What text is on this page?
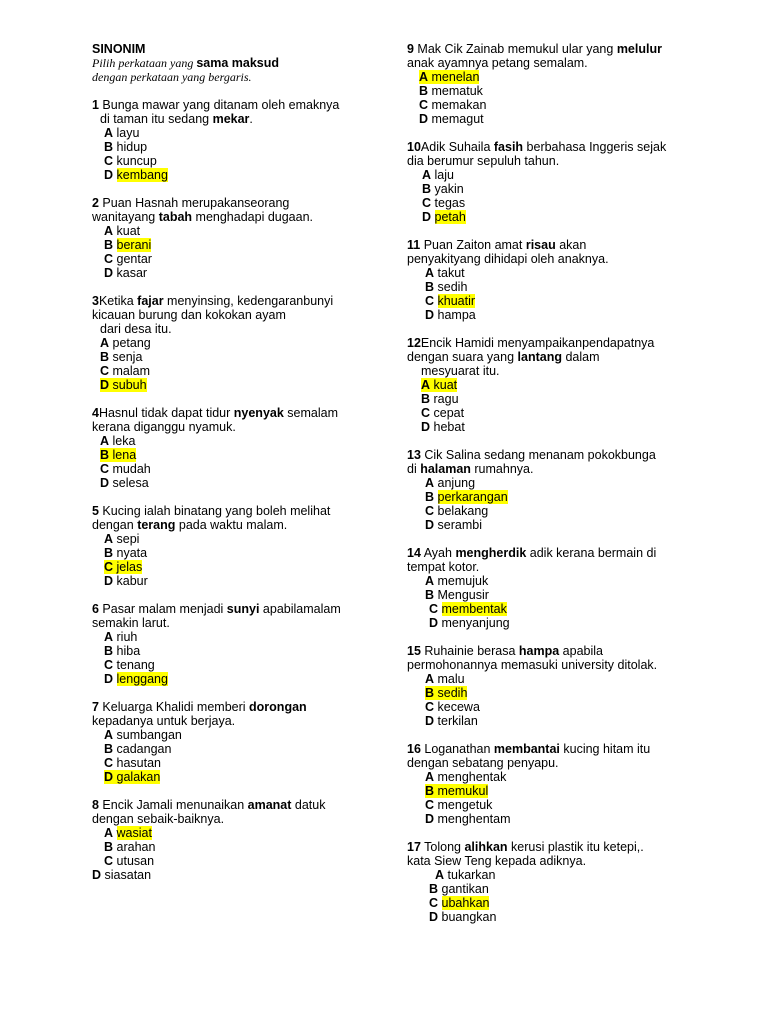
SINONIM
Pilih perkataan yang sama maksud
dengan perkataan yang bergaris.
1 Bunga mawar yang ditanam oleh emaknya
di taman itu sedang mekar.
A layu
B hidup
C kuncup
D kembang
2 Puan Hasnah merupakanseorang
wanitayang tabah menghadapi dugaan.
A kuat
B berani
C gentar
D kasar
3Ketika fajar menyinsing, kedengaranbunyi
kicauan burung dan kokokan ayam
dari desa itu.
A petang
B senja
C malam
D subuh
4Hasnul tidak dapat tidur nyenyak semalam
kerana diganggu nyamuk.
A leka
B lena
C mudah
D selesa
5 Kucing ialah binatang yang boleh melihat
dengan terang pada waktu malam.
A sepi
B nyata
C jelas
D kabur
6 Pasar malam menjadi sunyi apabilamalam
semakin larut.
A riuh
B hiba
C tenang
D lenggang
7 Keluarga Khalidi memberi dorongan
kepadanya untuk berjaya.
A sumbangan
B cadangan
C hasutan
D galakan
8 Encik Jamali menunaikan amanat datuk
dengan sebaik-baiknya.
A wasiat
B arahan
C utusan
D siasatan
9 Mak Cik Zainab memukul ular yang melulur
anak ayamnya petang semalam.
A menelan
B mematuk
C memakan
D memagut
10Adik Suhaila fasih berbahasa Inggeris sejak
dia berumur sepuluh tahun.
A laju
B yakin
C tegas
D petah
11 Puan Zaiton amat risau akan
penyakityang dihidapi oleh anaknya.
A takut
B sedih
C khuatir
D hampa
12Encik Hamidi menyampaikanpendapatnya
dengan suara yang lantang dalam
mesyuarat itu.
A kuat
B ragu
C cepat
D hebat
13 Cik Salina sedang menanam pokokbunga
di halaman rumahnya.
A anjung
B perkarangan
C belakang
D serambi
14 Ayah mengherdik adik kerana bermain di
tempat kotor.
A memujuk
B Mengusir
C membentak
D menyanjung
15 Ruhainie berasa hampa apabila
permohonannya memasuki university ditolak.
A malu
B sedih
C kecewa
D terkilan
16 Loganathan membantai kucing hitam itu
dengan sebatang penyapu.
A menghentak
B memukul
C mengetuk
D menghentam
17 Tolong alihkan kerusi plastik itu ketepi,.
kata Siew Teng kepada adiknya.
A tukarkan
B gantikan
C ubahkan
D buangkan
